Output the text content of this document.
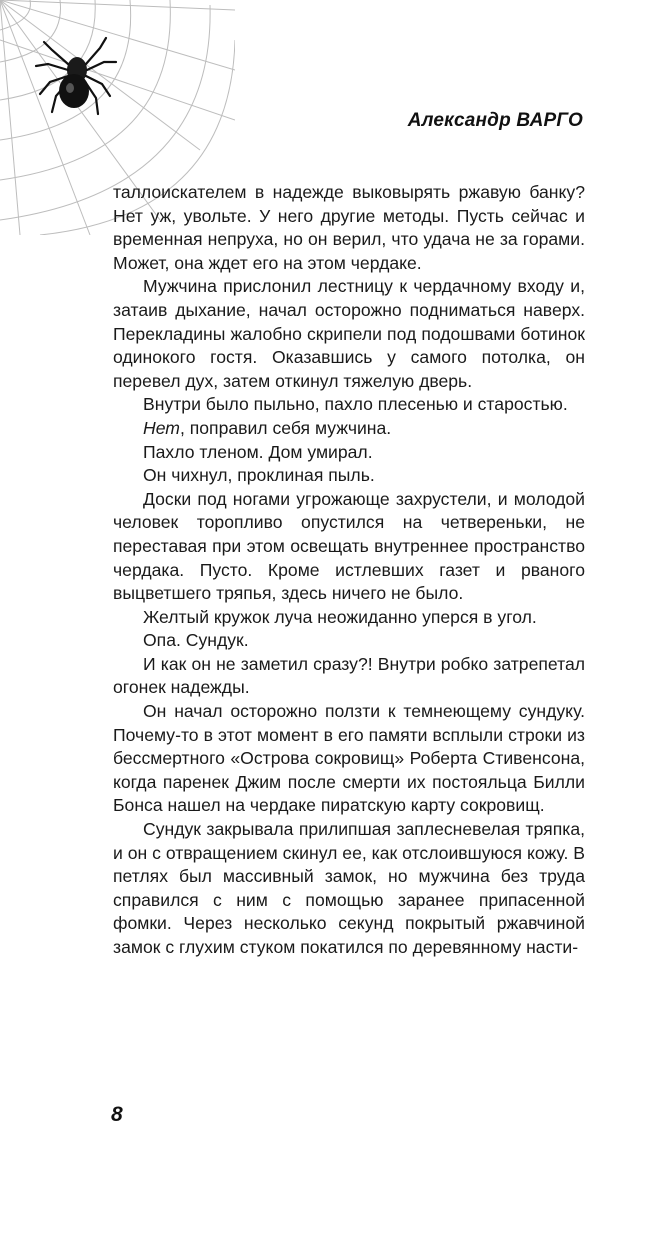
Александр ВАРГО

таллоискателем в надежде выковырять ржавую банку? Нет уж, увольте. У него другие методы. Пусть сейчас и временная непруха, но он верил, что удача не за горами. Может, она ждет его на этом чердаке.

Мужчина прислонил лестницу к чердачному входу и, затаив дыхание, начал осторожно подниматься наверх. Перекладины жалобно скрипели под подошвами ботинок одинокого гостя. Оказавшись у самого потолка, он перевел дух, затем откинул тяжелую дверь.

Внутри было пыльно, пахло плесенью и старостью.

Нет, поправил себя мужчина.

Пахло тленом. Дом умирал.

Он чихнул, проклиная пыль.

Доски под ногами угрожающе захрустели, и молодой человек торопливо опустился на четвереньки, не переставая при этом освещать внутреннее пространство чердака. Пусто. Кроме истлевших газет и рваного выцветшего тряпья, здесь ничего не было.

Желтый кружок луча неожиданно уперся в угол.

Опа. Сундук.

И как он не заметил сразу?! Внутри робко затрепетал огонек надежды.

Он начал осторожно ползти к темнеющему сундуку. Почему-то в этот момент в его памяти всплыли строки из бессмертного «Острова сокровищ» Роберта Стивенсона, когда паренек Джим после смерти их постояльца Билли Бонса нашел на чердаке пиратскую карту сокровищ.

Сундук закрывала прилипшая заплесневелая тряпка, и он с отвращением скинул ее, как отслоившуюся кожу. В петлях был массивный замок, но мужчина без труда справился с ним с помощью заранее припасенной фомки. Через несколько секунд покрытый ржавчиной замок с глухим стуком покатился по деревянному насти-

8
